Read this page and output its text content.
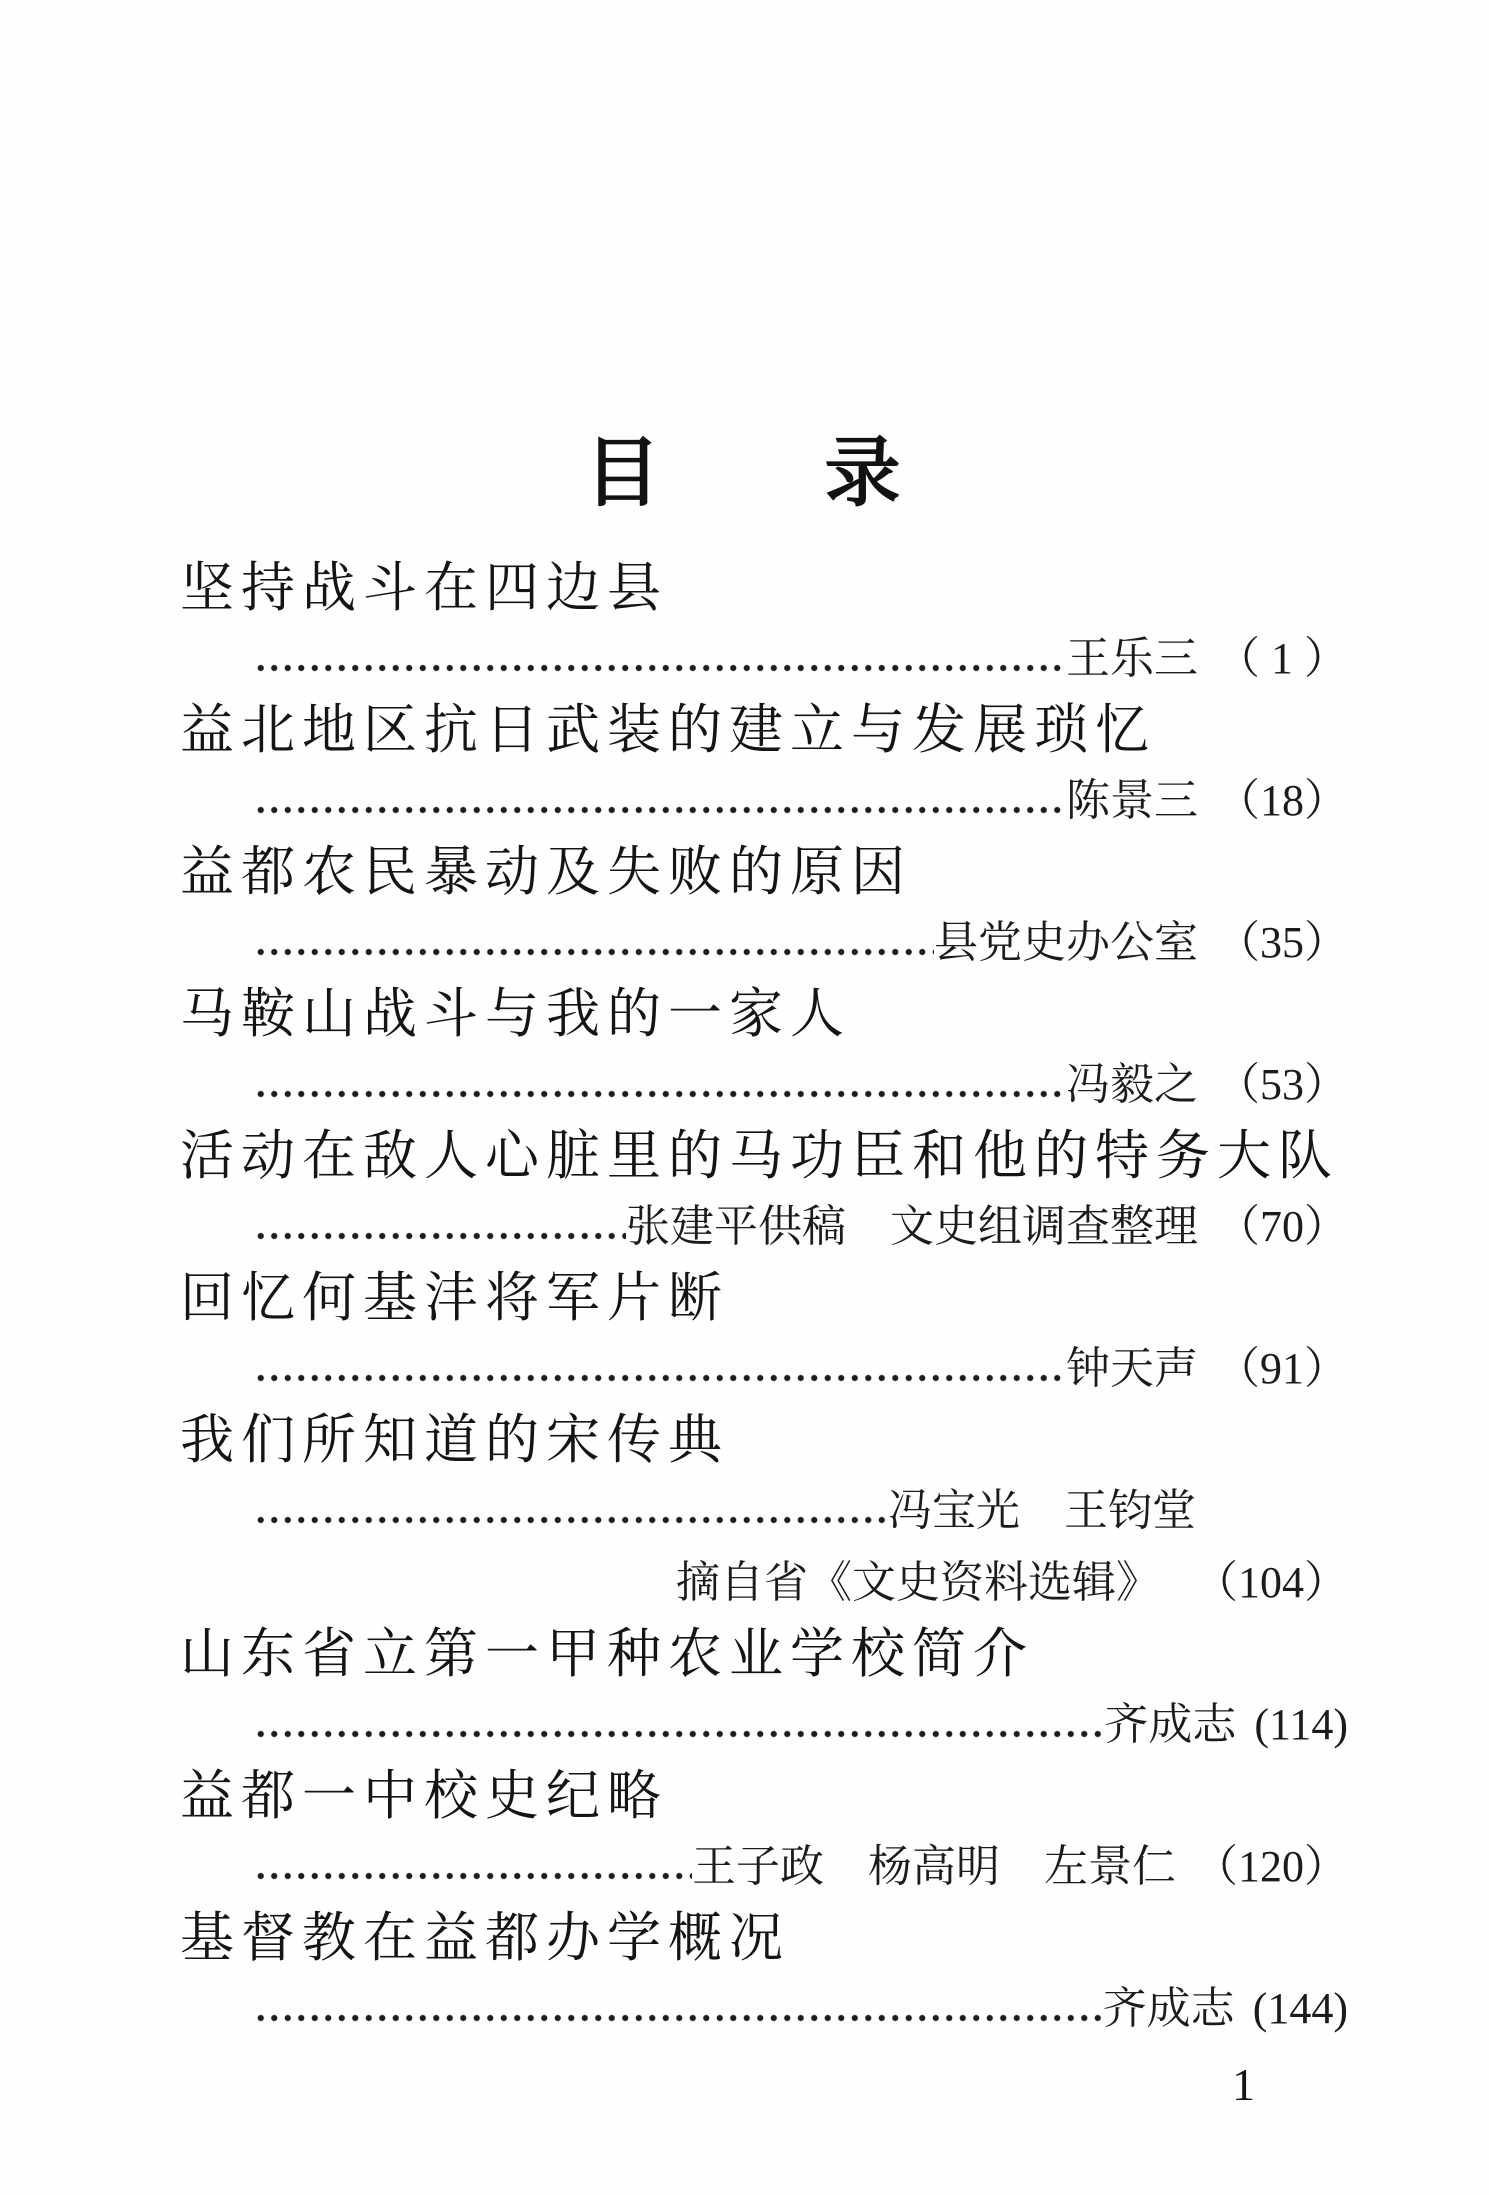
目　　录
坚持战斗在四边县
王乐三 （ 1 ）
益北地区抗日武装的建立与发展琐忆
陈景三 （18）
益都农民暴动及失败的原因
县党史办公室 （35）
马鞍山战斗与我的一家人
冯毅之 （53）
活动在敌人心脏里的马功臣和他的特务大队
张建平供稿　文史组调查整理 （70）
回忆何基沣将军片断
钟天声 （91）
我们所知道的宋传典
冯宝光　王钧堂
摘自省《文史资料选辑》 （104）
山东省立第一甲种农业学校简介
齐成志 (114)
益都一中校史纪略
王子政　杨高明　左景仁 （120）
基督教在益都办学概况
齐成志 (144)
1
